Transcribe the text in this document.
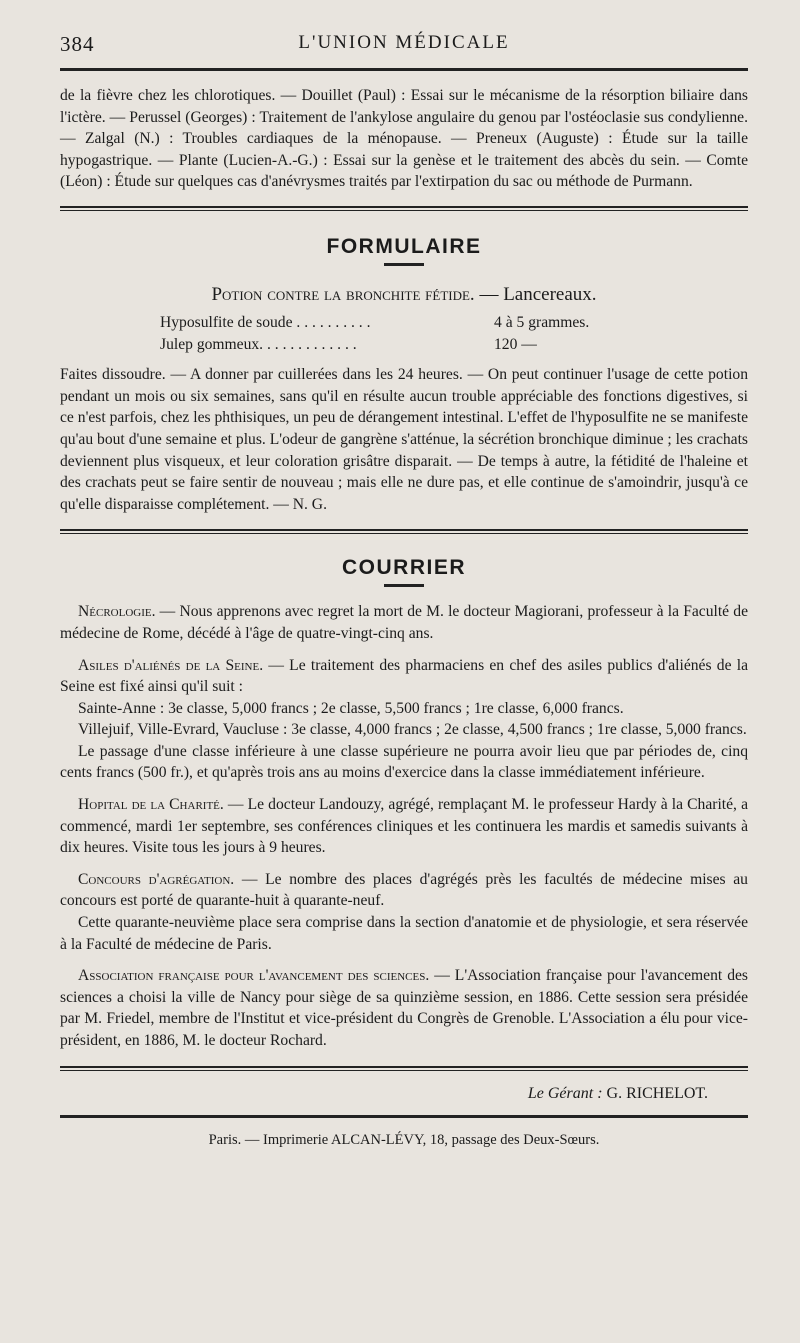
384	L'UNION MÉDICALE

de la fièvre chez les chlorotiques. — Douillet (Paul) : Essai sur le mécanisme de la résorption biliaire dans l'ictère. — Perussel (Georges) : Traitement de l'ankylose angulaire du genou par l'ostéoclasie sus condylienne. — Zalgal (N.) : Troubles cardiaques de la ménopause. — Preneux (Auguste) : Étude sur la taille hypogastrique. — Plante (Lucien-A.-G.) : Essai sur la genèse et le traitement des abcès du sein. — Comte (Léon) : Étude sur quelques cas d'anévrysmes traités par l'extirpation du sac ou méthode de Purmann.

FORMULAIRE
Potion contre la bronchite fétide. — Lancereaux.
Hyposulfite de soude . . . . . . . . . .	4 à 5 grammes.
Julep gommeux. . . . . . . . . . . . .	120 —

Faites dissoudre. — A donner par cuillerées dans les 24 heures. — On peut continuer l'usage de cette potion pendant un mois ou six semaines, sans qu'il en résulte aucun trouble appréciable des fonctions digestives, si ce n'est parfois, chez les phthisiques, un peu de dérangement intestinal. L'effet de l'hyposulfite ne se manifeste qu'au bout d'une semaine et plus. L'odeur de gangrène s'atténue, la sécrétion bronchique diminue ; les crachats deviennent plus visqueux, et leur coloration grisâtre disparait. — De temps à autre, la fétidité de l'haleine et des crachats peut se faire sentir de nouveau ; mais elle ne dure pas, et elle continue de s'amoindrir, jusqu'à ce qu'elle disparaisse complétement. — N. G.

COURRIER

Nécrologie. — Nous apprenons avec regret la mort de M. le docteur Magiorani, professeur à la Faculté de médecine de Rome, décédé à l'âge de quatre-vingt-cinq ans.

Asiles d'aliénés de la Seine. — Le traitement des pharmaciens en chef des asiles publics d'aliénés de la Seine est fixé ainsi qu'il suit :

Sainte-Anne : 3e classe, 5,000 francs ; 2e classe, 5,500 francs ; 1re classe, 6,000 francs.

Villejuif, Ville-Evrard, Vaucluse : 3e classe, 4,000 francs ; 2e classe, 4,500 francs ; 1re classe, 5,000 francs.

Le passage d'une classe inférieure à une classe supérieure ne pourra avoir lieu que par périodes de, cinq cents francs (500 fr.), et qu'après trois ans au moins d'exercice dans la classe immédiatement inférieure.

Hopital de la Charité. — Le docteur Landouzy, agrégé, remplaçant M. le professeur Hardy à la Charité, a commencé, mardi 1er septembre, ses conférences cliniques et les continuera les mardis et samedis suivants à dix heures. Visite tous les jours à 9 heures.

Concours d'agrégation. — Le nombre des places d'agrégés près les facultés de médecine mises au concours est porté de quarante-huit à quarante-neuf.

Cette quarante-neuvième place sera comprise dans la section d'anatomie et de physiologie, et sera réservée à la Faculté de médecine de Paris.

Association française pour l'avancement des sciences. — L'Association française pour l'avancement des sciences a choisi la ville de Nancy pour siège de sa quinzième session, en 1886. Cette session sera présidée par M. Friedel, membre de l'Institut et vice-président du Congrès de Grenoble. L'Association a élu pour vice-président, en 1886, M. le docteur Rochard.

Le Gérant : G. RICHELOT.
Paris. — Imprimerie ALCAN-LÉVY, 18, passage des Deux-Sœurs.
